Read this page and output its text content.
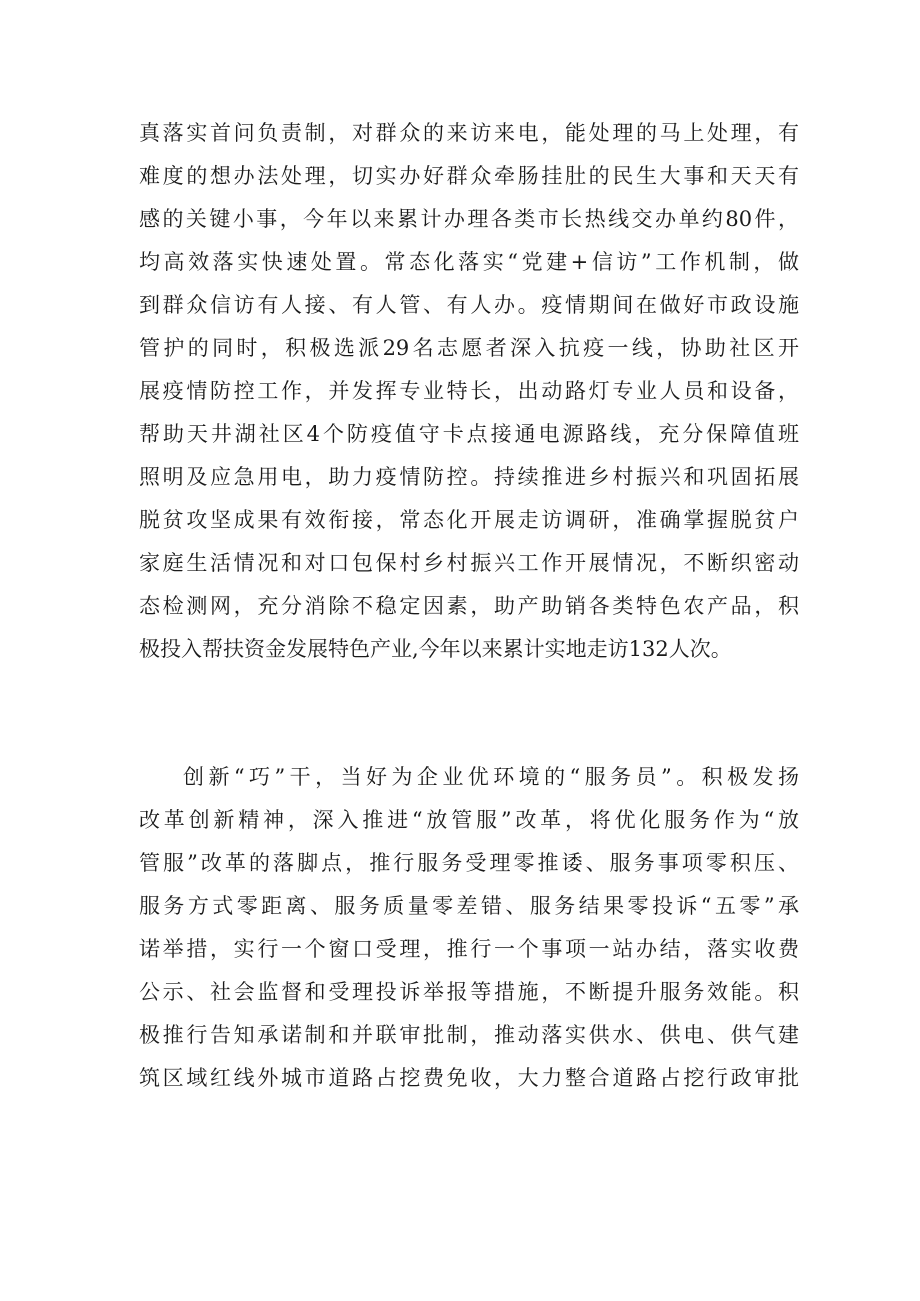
真落实首问负责制，对群众的来访来电，能处理的马上处理，有
难度的想办法处理，切实办好群众牵肠挂肚的民生大事和天天有
感的关键小事，今年以来累计办理各类市长热线交办单约80件，
均高效落实快速处置。常态化落实“党建+信访”工作机制，做
到群众信访有人接、有人管、有人办。疫情期间在做好市政设施
管护的同时，积极选派29名志愿者深入抗疫一线，协助社区开
展疫情防控工作，并发挥专业特长，出动路灯专业人员和设备，
帮助天井湖社区4个防疫值守卡点接通电源路线，充分保障值班
照明及应急用电，助力疫情防控。持续推进乡村振兴和巩固拓展
脱贫攻坚成果有效衔接，常态化开展走访调研，准确掌握脱贫户
家庭生活情况和对口包保村乡村振兴工作开展情况，不断织密动
态检测网，充分消除不稳定因素，助产助销各类特色农产品，积
极投入帮扶资金发展特色产业,今年以来累计实地走访132人次。
创新“巧”干，当好为企业优环境的“服务员”。积极发扬
改革创新精神，深入推进“放管服”改革，将优化服务作为“放
管服”改革的落脚点，推行服务受理零推诿、服务事项零积压、
服务方式零距离、服务质量零差错、服务结果零投诉“五零”承
诺举措，实行一个窗口受理，推行一个事项一站办结，落实收费
公示、社会监督和受理投诉举报等措施，不断提升服务效能。积
极推行告知承诺制和并联审批制，推动落实供水、供电、供气建
筑区域红线外城市道路占挖费免收，大力整合道路占挖行政审批
